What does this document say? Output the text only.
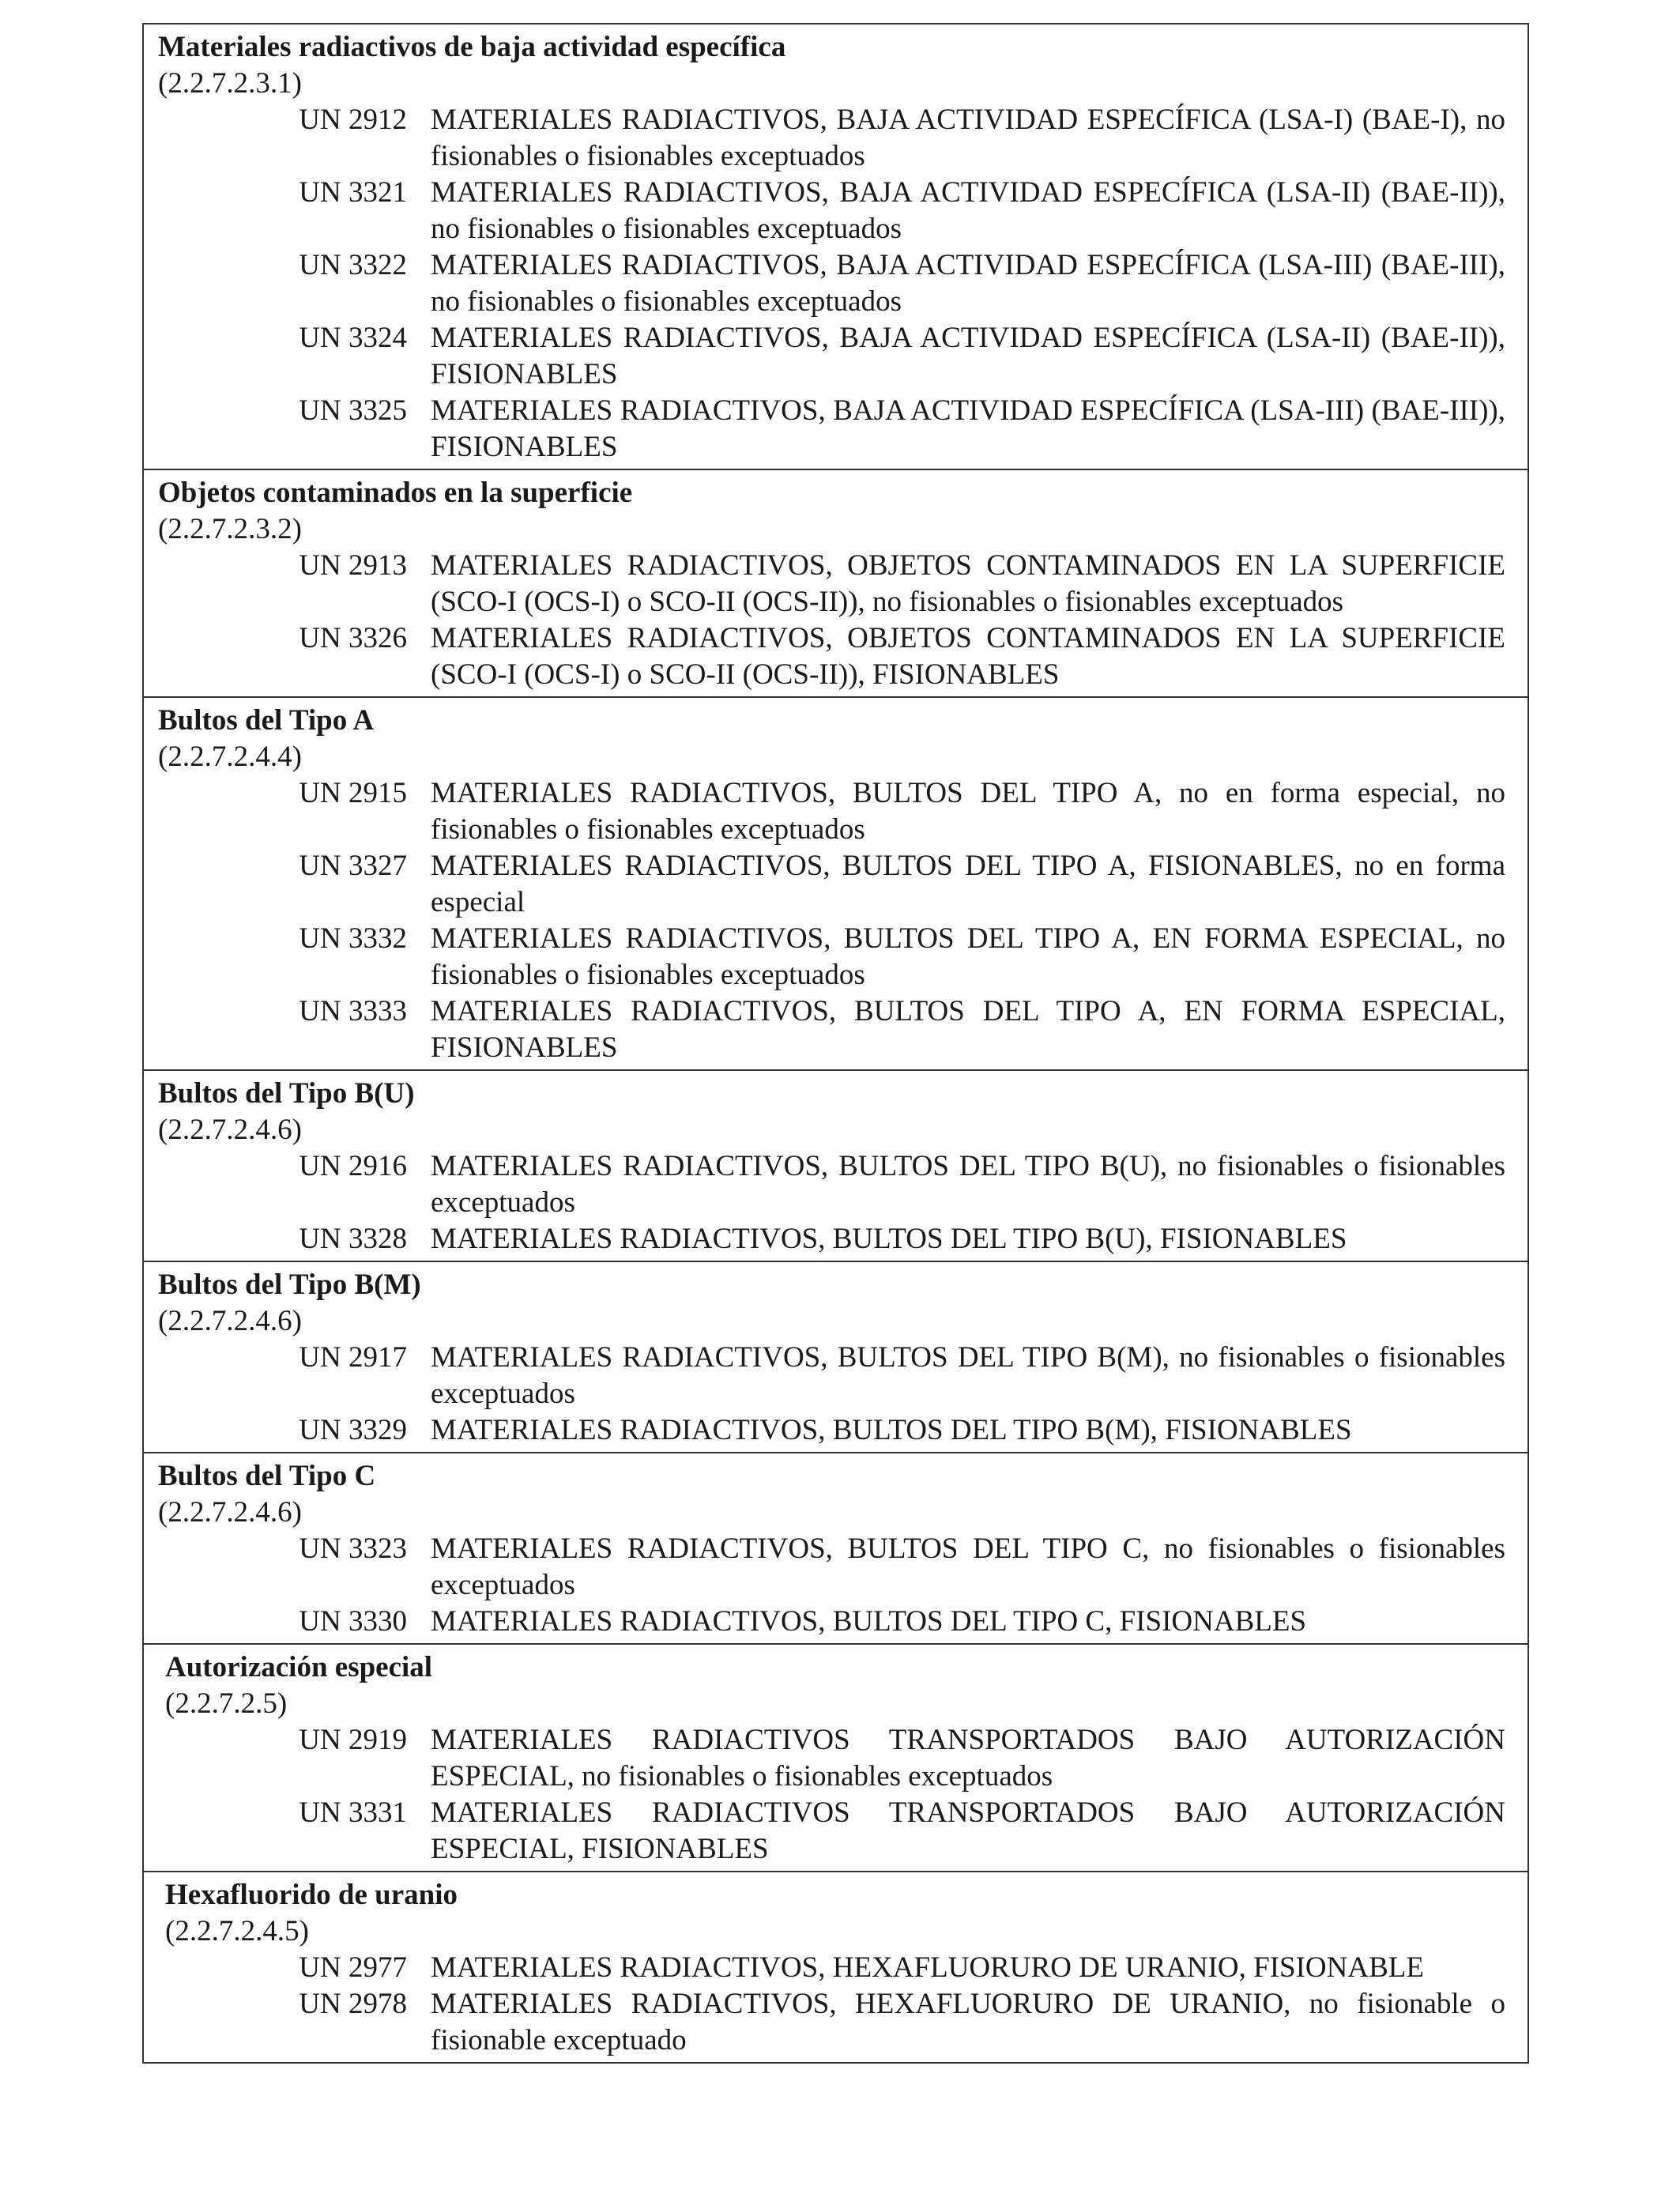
Materiales radiactivos de baja actividad específica
(2.2.7.2.3.1)
UN 2912 MATERIALES RADIACTIVOS, BAJA ACTIVIDAD ESPECÍFICA (LSA-I) (BAE-I), no fisionables o fisionables exceptuados
UN 3321 MATERIALES RADIACTIVOS, BAJA ACTIVIDAD ESPECÍFICA (LSA-II) (BAE-II)), no fisionables o fisionables exceptuados
UN 3322 MATERIALES RADIACTIVOS, BAJA ACTIVIDAD ESPECÍFICA (LSA-III) (BAE-III), no fisionables o fisionables exceptuados
UN 3324 MATERIALES RADIACTIVOS, BAJA ACTIVIDAD ESPECÍFICA (LSA-II) (BAE-II)), FISIONABLES
UN 3325 MATERIALES RADIACTIVOS, BAJA ACTIVIDAD ESPECÍFICA (LSA-III) (BAE-III)), FISIONABLES
Objetos contaminados en la superficie
(2.2.7.2.3.2)
UN 2913 MATERIALES RADIACTIVOS, OBJETOS CONTAMINADOS EN LA SUPERFICIE (SCO-I (OCS-I) o SCO-II (OCS-II)), no fisionables o fisionables exceptuados
UN 3326 MATERIALES RADIACTIVOS, OBJETOS CONTAMINADOS EN LA SUPERFICIE (SCO-I (OCS-I) o SCO-II (OCS-II)), FISIONABLES
Bultos del Tipo A
(2.2.7.2.4.4)
UN 2915 MATERIALES RADIACTIVOS, BULTOS DEL TIPO A, no en forma especial, no fisionables o fisionables exceptuados
UN 3327 MATERIALES RADIACTIVOS, BULTOS DEL TIPO A, FISIONABLES, no en forma especial
UN 3332 MATERIALES RADIACTIVOS, BULTOS DEL TIPO A, EN FORMA ESPECIAL, no fisionables o fisionables exceptuados
UN 3333 MATERIALES RADIACTIVOS, BULTOS DEL TIPO A, EN FORMA ESPECIAL, FISIONABLES
Bultos del Tipo B(U)
(2.2.7.2.4.6)
UN 2916 MATERIALES RADIACTIVOS, BULTOS DEL TIPO B(U), no fisionables o fisionables exceptuados
UN 3328 MATERIALES RADIACTIVOS, BULTOS DEL TIPO B(U), FISIONABLES
Bultos del Tipo B(M)
(2.2.7.2.4.6)
UN 2917 MATERIALES RADIACTIVOS, BULTOS DEL TIPO B(M), no fisionables o fisionables exceptuados
UN 3329 MATERIALES RADIACTIVOS, BULTOS DEL TIPO B(M), FISIONABLES
Bultos del Tipo C
(2.2.7.2.4.6)
UN 3323 MATERIALES RADIACTIVOS, BULTOS DEL TIPO C, no fisionables o fisionables exceptuados
UN 3330 MATERIALES RADIACTIVOS, BULTOS DEL TIPO C, FISIONABLES
Autorización especial
(2.2.7.2.5)
UN 2919 MATERIALES RADIACTIVOS TRANSPORTADOS BAJO AUTORIZACIÓN ESPECIAL, no fisionables o fisionables exceptuados
UN 3331 MATERIALES RADIACTIVOS TRANSPORTADOS BAJO AUTORIZACIÓN ESPECIAL, FISIONABLES
Hexafluorido de uranio
(2.2.7.2.4.5)
UN 2977 MATERIALES RADIACTIVOS, HEXAFLUORURO DE URANIO, FISIONABLE
UN 2978 MATERIALES RADIACTIVOS, HEXAFLUORURO DE URANIO, no fisionable o fisionable exceptuado
